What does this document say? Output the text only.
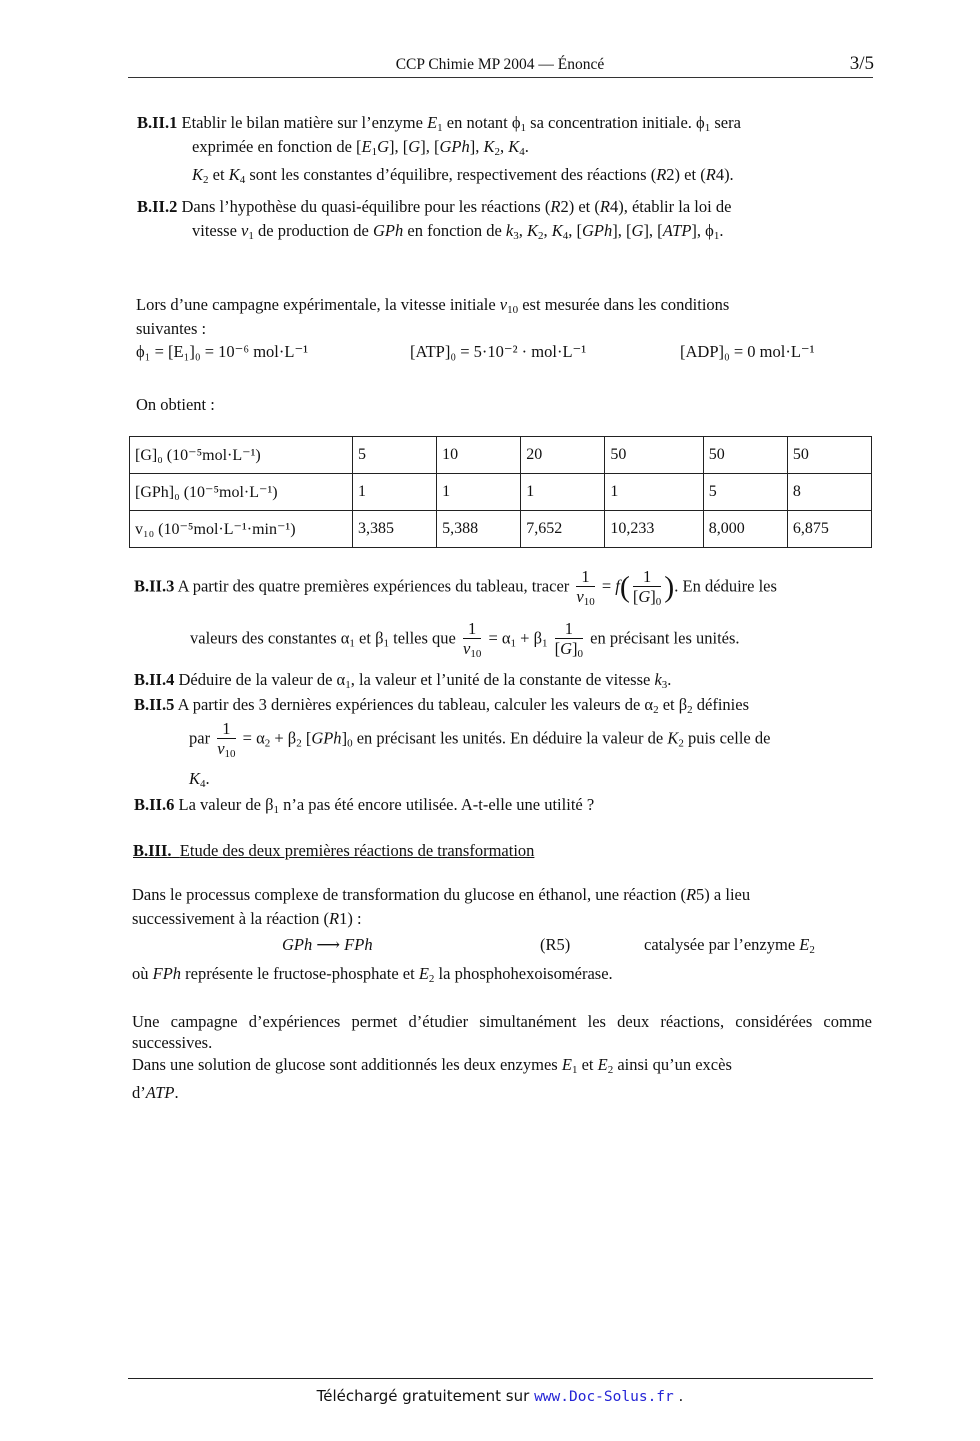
CCP Chimie MP 2004 — Énoncé	3/5
B.II.1 Etablir le bilan matière sur l’enzyme $E_1$ en notant $\phi_1$ sa concentration initiale. $\phi_1$ sera
exprimée en fonction de $[E_1G]$, [G], [GPh], $K_2$, $K_4$.
$K_2$ et $K_4$ sont les constantes d’équilibre, respectivement des réactions (R2) et (R4).
B.II.2 Dans l’hypothèse du quasi-équilibre pour les réactions (R2) et (R4), établir la loi de
vitesse $v_1$ de production de GPh en fonction de $k_3$, $K_2$, $K_4$, [GPh], [G], [ATP], $\phi_1$.
Lors d’une campagne expérimentale, la vitesse initiale $v_{10}$ est mesurée dans les conditions
suivantes :
ϕ₁ = [E₁]₀ = 10⁻⁶ mol·L⁻¹	[ATP]₀ = 5·10⁻² · mol·L⁻¹	[ADP]₀ = 0 mol·L⁻¹
On obtient :
[G]₀ (10⁻⁵mol·L⁻¹)	5	10	20	50	50	50
[GPh]₀ (10⁻⁵mol·L⁻¹)	1	1	1	1	5	8
v₁₀ (10⁻⁵mol·L⁻¹·min⁻¹)	3,385	5,388	7,652	10,233	8,000	6,875
B.II.3 A partir des quatre premières expériences du tableau, tracer $\frac{1}{v_{10}} = f( \frac{1}{[G]_0}$ ). En déduire les
valeurs des constantes $\alpha_1$ et $\beta_1$ telles que $\frac{1}{v_{10}} = \alpha_1 + \beta_1 \frac{1}{[G]_0}$ en précisant les unités.
B.II.4 Déduire de la valeur de $\alpha_1$, la valeur et l’unité de la constante de vitesse $k_3$.
B.II.5 A partir des 3 dernières expériences du tableau, calculer les valeurs de $\alpha_2$ et $\beta_2$ définies
par $\frac{1}{v_{10}} = \alpha_2 + \beta_2$ $[GPh]_0$ en précisant les unités. En déduire la valeur de $K_2$ puis celle de
$K_4$.
B.II.6 La valeur de $\beta_1$ n’a pas été encore utilisée. A-t-elle une utilité ?
B.III. Etude des deux premières réactions de transformation
Dans le processus complexe de transformation du glucose en éthanol, une réaction (R5) a lieu
successivement à la réaction (R1) :
GPh ⟶ FPh	(R5)	catalysée par l’enzyme $E_2$
où FPh représente le fructose-phosphate et $E_2$ la phosphohexoisomérase.
Une campagne d’expériences permet d’étudier simultanément les deux réactions, considérées comme successives.
Dans une solution de glucose sont additionnés les deux enzymes $E_1$ et $E_2$ ainsi qu’un excès
d’ATP.
Téléchargé gratuitement sur www.Doc-Solus.fr .
